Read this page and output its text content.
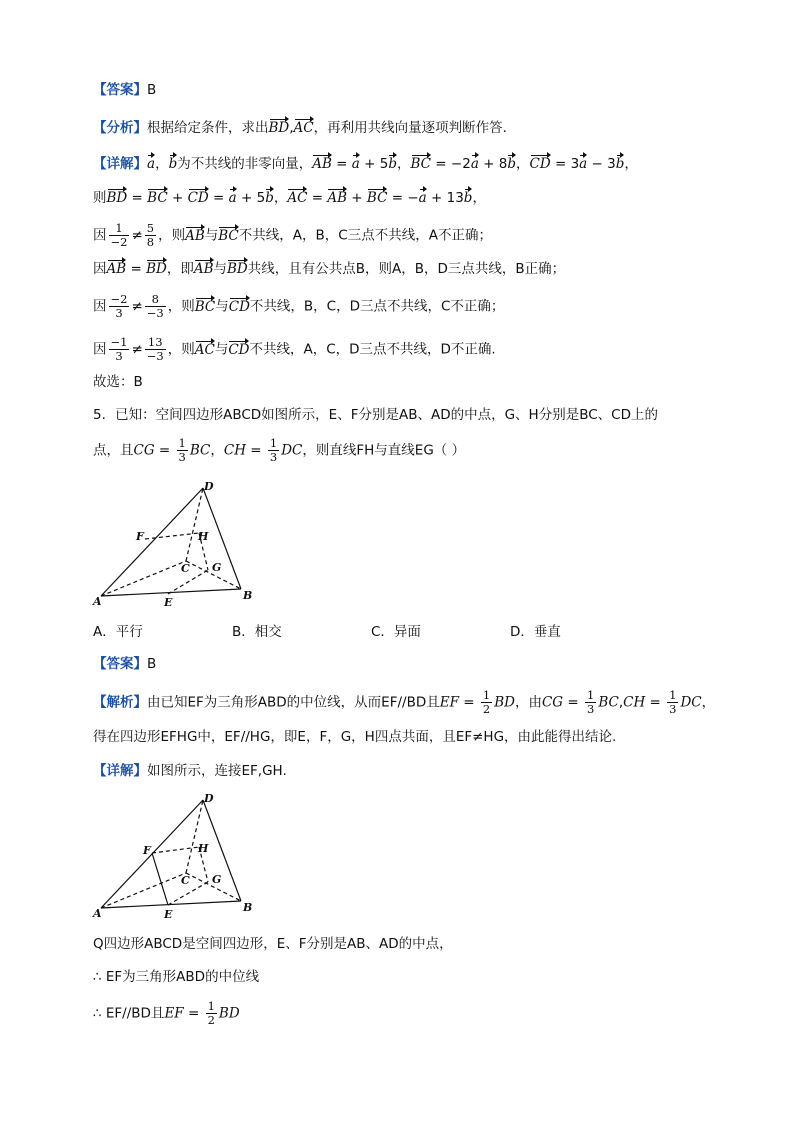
【答案】B
【分析】根据给定条件，求出BD,AC，再利用共线向量逐项判断作答.
【详解】a，b为不共线的非零向量，AB = a + 5b，BC = −2a + 8b，CD = 3a − 3b，
则BD = BC + CD = a + 5b，AC = AB + BC = −a + 13b，
因 $\frac{1}{-2} \ne \frac{5}{8}$ ，则AB与BC不共线，A，B，C三点不共线，A不正确；
因AB = BD，即AB与BD共线，且有公共点B，则A，B，D三点共线，B正确；
因 $\frac{-2}{3} \ne \frac{8}{-3}$ ，则BC与CD不共线，B，C，D三点不共线，C不正确；
因 $\frac{-1}{3} \ne \frac{13}{-3}$ ，则AC与CD不共线，A，C，D三点不共线，D不正确.
故选：B
5．已知：空间四边形ABCD如图所示，E、F分别是AB、AD的中点，G、H分别是BC、CD上的
点，且CG = $\frac{1}{3}$ BC，CH = $\frac{1}{3}$ DC，则直线FH与直线EG（ ）
D
F	H
C G
A	E
B
A．平行	B．相交	C．异面	D．垂直
【答案】B
【解析】由已知EF为三角形ABD的中位线，从而EF//BD且EF = $\frac{1}{2}$ BD，由CG = $\frac{1}{3} BC,CH = \frac{1}{3}$ DC，
得在四边形EFHG中，EF//HG，即E，F，G，H四点共面，且EF≠HG，由此能得出结论.
【详解】如图所示，连接EF,GH.
D
F	H
C G
A	E
B
Q四边形ABCD是空间四边形，E、F分别是AB、AD的中点，
∴ EF为三角形ABD的中位线
∴ EF//BD且EF = $\frac{1}{2}$ BD
